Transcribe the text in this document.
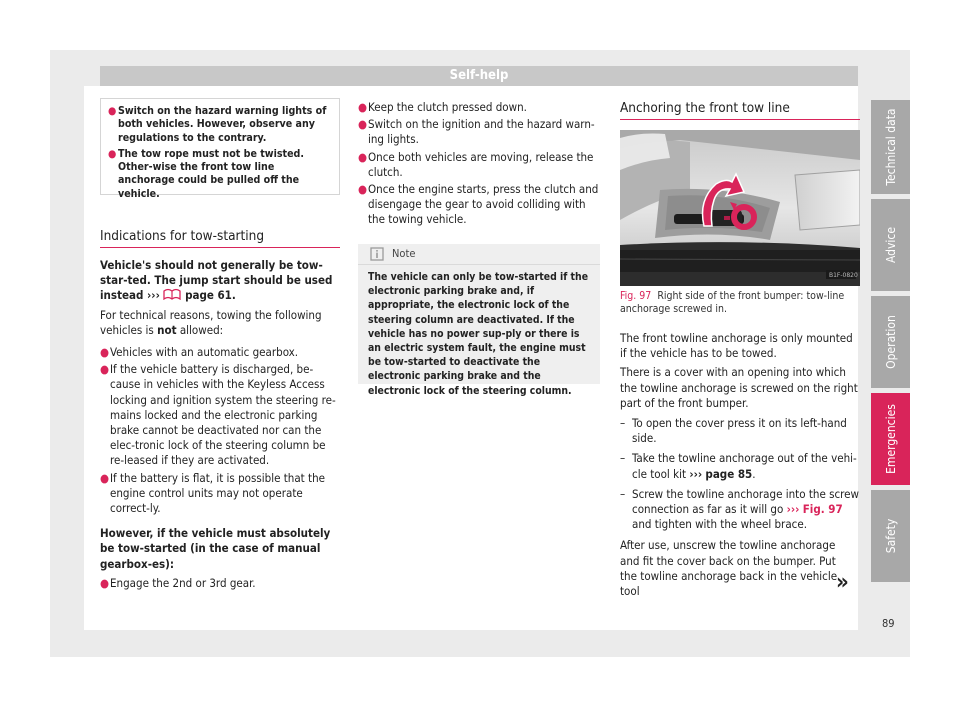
Self-help
Technical data
Advice
Operation
Emergencies
Safety
89

● Switch on the hazard warning lights of both vehicles. However, observe any regulations to the contrary.

● The tow rope must not be twisted. Other-wise the front tow line anchorage could be pulled off the vehicle.

Indications for tow-starting

Vehicle's should not generally be tow-star-ted. The jump start should be used instead ››› page 61.

For technical reasons, towing the following vehicles is not allowed:

● Vehicles with an automatic gearbox.
● If the vehicle battery is discharged, be-cause in vehicles with the Keyless Access locking and ignition system the steering re-mains locked and the electronic parking brake cannot be deactivated nor can the elec-tronic lock of the steering column be re-leased if they are activated.
● If the battery is flat, it is possible that the engine control units may not operate correct-ly.

However, if the vehicle must absolutely be tow-started (in the case of manual gearbox-es):

● Engage the 2nd or 3rd gear.
● Keep the clutch pressed down.
● Switch on the ignition and the hazard warn-ing lights.
● Once both vehicles are moving, release the clutch.
● Once the engine starts, press the clutch and disengage the gear to avoid colliding with the towing vehicle.
Note
The vehicle can only be tow-started if the electronic parking brake and, if appropriate, the electronic lock of the steering column are deactivated. If the vehicle has no power sup-ply or there is an electric system fault, the engine must be tow-started to deactivate the electronic parking brake and the electronic lock of the steering column.
Anchoring the front tow line
B1F-0820
Fig. 97 Right side of the front bumper: tow-line anchorage screwed in.

The front towline anchorage is only mounted if the vehicle has to be towed.

There is a cover with an opening into which the towline anchorage is screwed on the right part of the front bumper.

– To open the cover press it on its left-hand side.
– Take the towline anchorage out of the vehi-cle tool kit ››› page 85.
– Screw the towline anchorage into the screw connection as far as it will go ››› Fig. 97 and tighten with the wheel brace.

After use, unscrew the towline anchorage and fit the cover back on the bumper. Put the towline anchorage back in the vehicle tool	»
